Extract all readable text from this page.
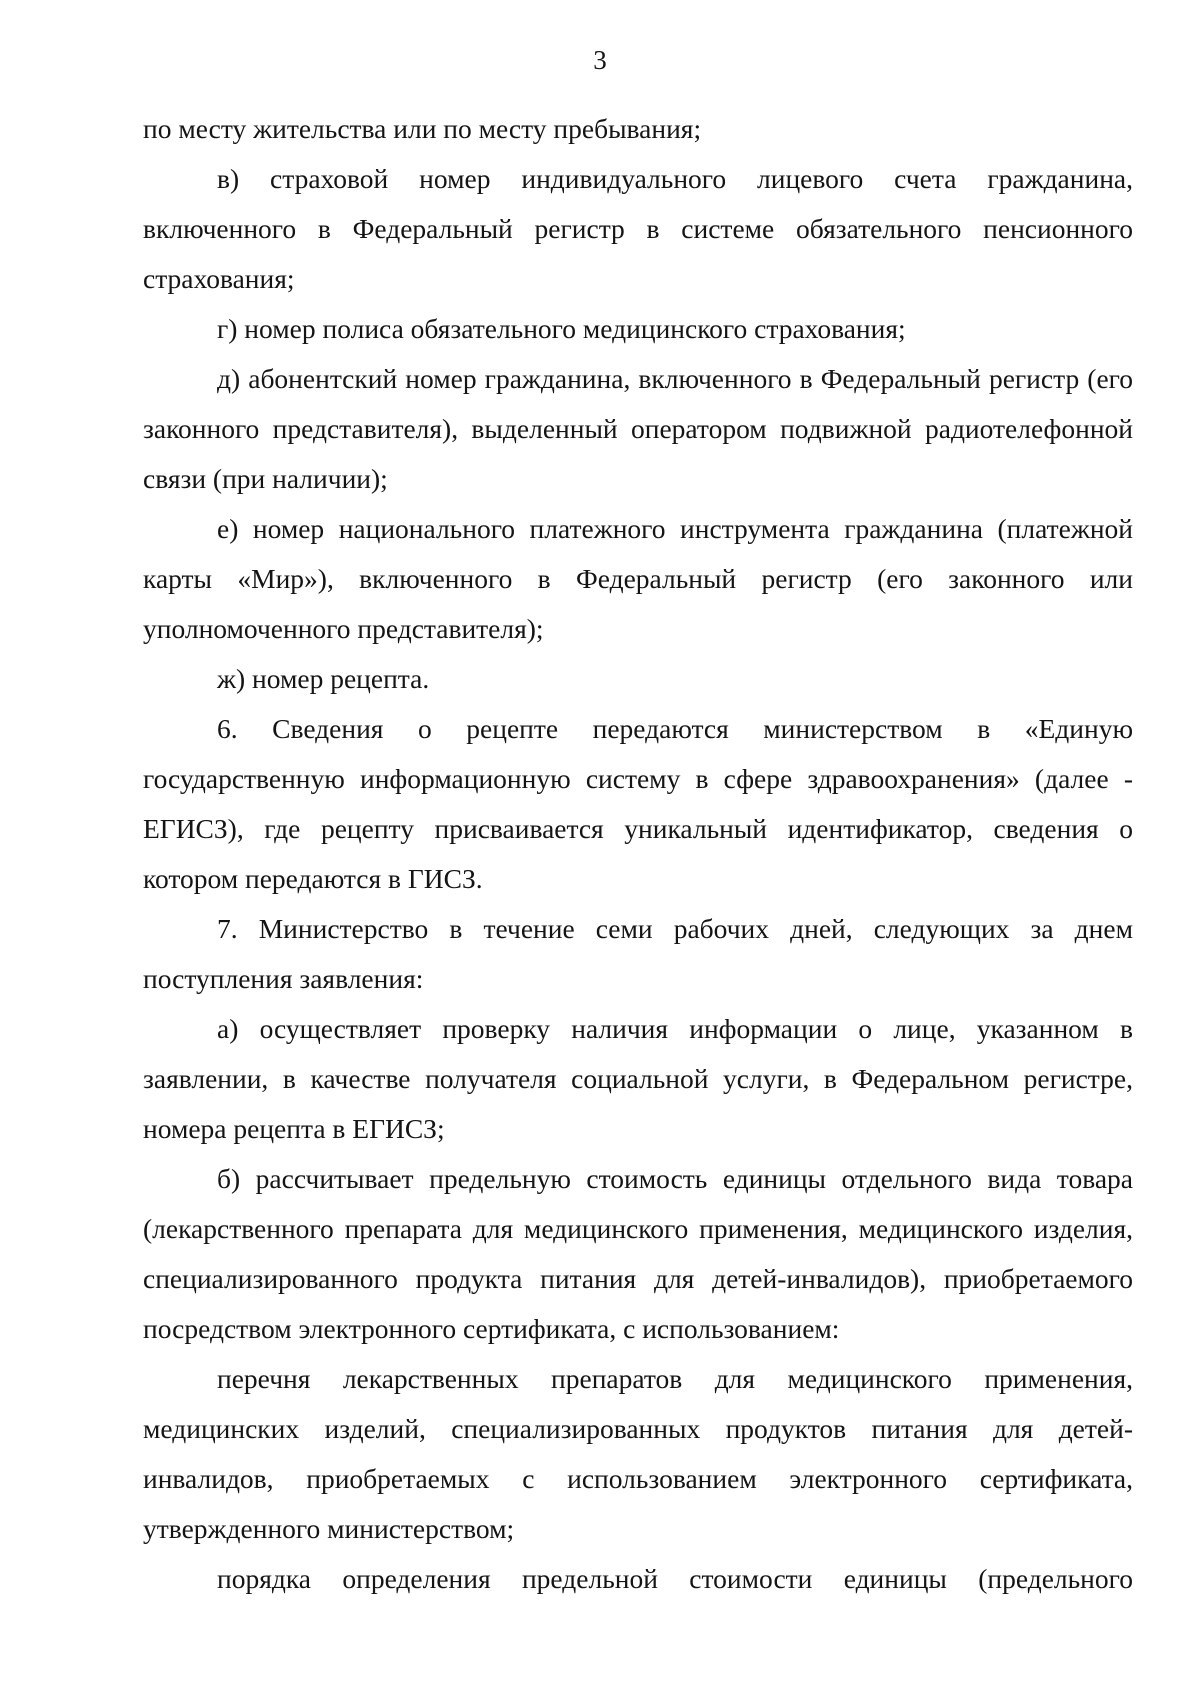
3

по месту жительства или по месту пребывания;

в) страховой номер индивидуального лицевого счета гражданина, включенного в Федеральный регистр в системе обязательного пенсионного страхования;

г) номер полиса обязательного медицинского страхования;

д) абонентский номер гражданина, включенного в Федеральный регистр (его законного представителя), выделенный оператором подвижной радиотелефонной связи (при наличии);

е) номер национального платежного инструмента гражданина (платежной карты «Мир»), включенного в Федеральный регистр (его законного или уполномоченного представителя);

ж) номер рецепта.

6. Сведения о рецепте передаются министерством в «Единую государственную информационную систему в сфере здравоохранения» (далее - ЕГИСЗ), где рецепту присваивается уникальный идентификатор, сведения о котором передаются в ГИСЗ.

7. Министерство в течение семи рабочих дней, следующих за днем поступления заявления:

а) осуществляет проверку наличия информации о лице, указанном в заявлении, в качестве получателя социальной услуги, в Федеральном регистре, номера рецепта в ЕГИСЗ;

б) рассчитывает предельную стоимость единицы отдельного вида товара (лекарственного препарата для медицинского применения, медицинского изделия, специализированного продукта питания для детей-инвалидов), приобретаемого посредством электронного сертификата, с использованием:

перечня лекарственных препаратов для медицинского применения, медицинских изделий, специализированных продуктов питания для детей-инвалидов, приобретаемых с использованием электронного сертификата, утвержденного министерством;

порядка определения предельной стоимости единицы (предельного
